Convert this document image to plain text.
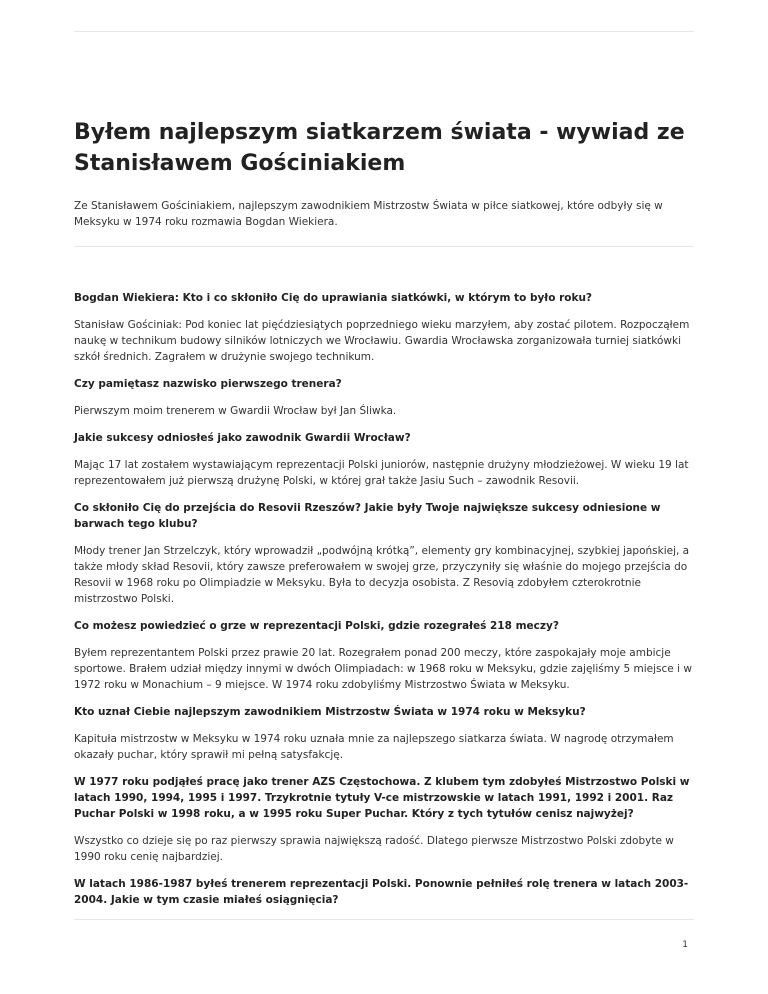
Byłem najlepszym siatkarzem świata - wywiad ze Stanisławem Gościniakiem

Ze Stanisławem Gościniakiem, najlepszym zawodnikiem Mistrzostw Świata w piłce siatkowej, które odbyły się w Meksyku w 1974 roku rozmawia Bogdan Wiekiera.

Bogdan Wiekiera: Kto i co skłoniło Cię do uprawiania siatkówki, w którym to było roku?

Stanisław Gościniak: Pod koniec lat pięćdziesiątych poprzedniego wieku marzyłem, aby zostać pilotem. Rozpocząłem naukę w technikum budowy silników lotniczych we Wrocławiu. Gwardia Wrocławska zorganizowała turniej siatkówki szkół średnich. Zagrałem w drużynie swojego technikum.

Czy pamiętasz nazwisko pierwszego trenera?

Pierwszym moim trenerem w Gwardii Wrocław był Jan Śliwka.

Jakie sukcesy odniosłeś jako zawodnik Gwardii Wrocław?

Mając 17 lat zostałem wystawiającym reprezentacji Polski juniorów, następnie drużyny młodzieżowej. W wieku 19 lat reprezentowałem już pierwszą drużynę Polski, w której grał także Jasiu Such – zawodnik Resovii.

Co skłoniło Cię do przejścia do Resovii Rzeszów? Jakie były Twoje największe sukcesy odniesione w barwach tego klubu?

Młody trener Jan Strzelczyk, który wprowadził „podwójną krótką”, elementy gry kombinacyjnej, szybkiej japońskiej, a także młody skład Resovii, który zawsze preferowałem w swojej grze, przyczyniły się właśnie do mojego przejścia do Resovii w 1968 roku po Olimpiadzie w Meksyku. Była to decyzja osobista. Z Resovią zdobyłem czterokrotnie mistrzostwo Polski.

Co możesz powiedzieć o grze w reprezentacji Polski, gdzie rozegrałeś 218 meczy?

Byłem reprezentantem Polski przez prawie 20 lat. Rozegrałem ponad 200 meczy, które zaspokajały moje ambicje sportowe. Brałem udział między innymi w dwóch Olimpiadach: w 1968 roku w Meksyku, gdzie zajęliśmy 5 miejsce i w 1972 roku w Monachium – 9 miejsce. W 1974 roku zdobyliśmy Mistrzostwo Świata w Meksyku.

Kto uznał Ciebie najlepszym zawodnikiem Mistrzostw Świata w 1974 roku w Meksyku?

Kapituła mistrzostw w Meksyku w 1974 roku uznała mnie za najlepszego siatkarza świata. W nagrodę otrzymałem okazały puchar, który sprawił mi pełną satysfakcję.

W 1977 roku podjąłeś pracę jako trener AZS Częstochowa. Z klubem tym zdobyłeś Mistrzostwo Polski w latach 1990, 1994, 1995 i 1997. Trzykrotnie tytuły V-ce mistrzowskie w latach 1991, 1992 i 2001. Raz Puchar Polski w 1998 roku, a w 1995 roku Super Puchar. Który z tych tytułów cenisz najwyżej?

Wszystko co dzieje się po raz pierwszy sprawia największą radość. Dlatego pierwsze Mistrzostwo Polski zdobyte w 1990 roku cenię najbardziej.

W latach 1986-1987 byłeś trenerem reprezentacji Polski. Ponownie pełniłeś rolę trenera w latach 2003-2004. Jakie w tym czasie miałeś osiągnięcia?

1
